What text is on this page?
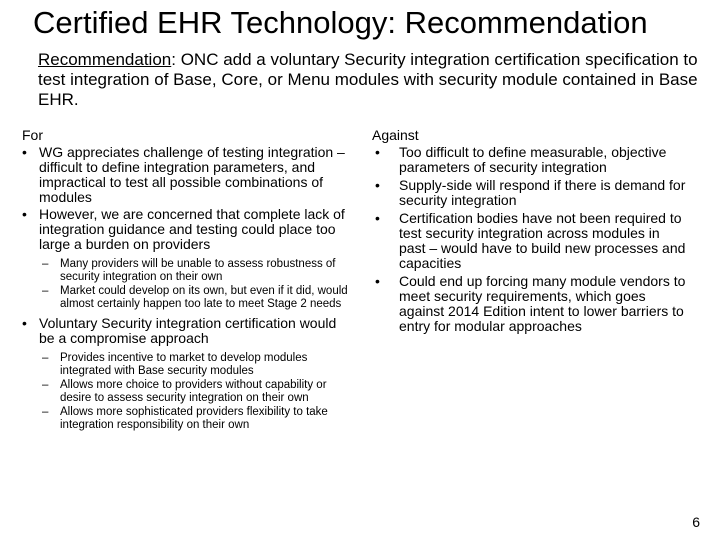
Certified EHR Technology: Recommendation
Recommendation: ONC add a voluntary Security integration certification specification to test integration of Base, Core, or Menu modules with security module contained in Base EHR.
For
• WG appreciates challenge of testing integration – difficult to define integration parameters, and impractical to test all possible combinations of modules
• However, we are concerned that complete lack of integration guidance and testing could place too large a burden on providers
– Many providers will be unable to assess robustness of security integration on their own
– Market could develop on its own, but even if it did, would almost certainly happen too late to meet Stage 2 needs
• Voluntary Security integration certification would be a compromise approach
– Provides incentive to market to develop modules integrated with Base security modules
– Allows more choice to providers without capability or desire to assess security integration on their own
– Allows more sophisticated providers flexibility to take integration responsibility on their own
Against
• Too difficult to define measurable, objective parameters of security integration
• Supply-side will respond if there is demand for security integration
• Certification bodies have not been required to test security integration across modules in past – would have to build new processes and capacities
• Could end up forcing many module vendors to meet security requirements, which goes against 2014 Edition intent to lower barriers to entry for modular approaches
6
